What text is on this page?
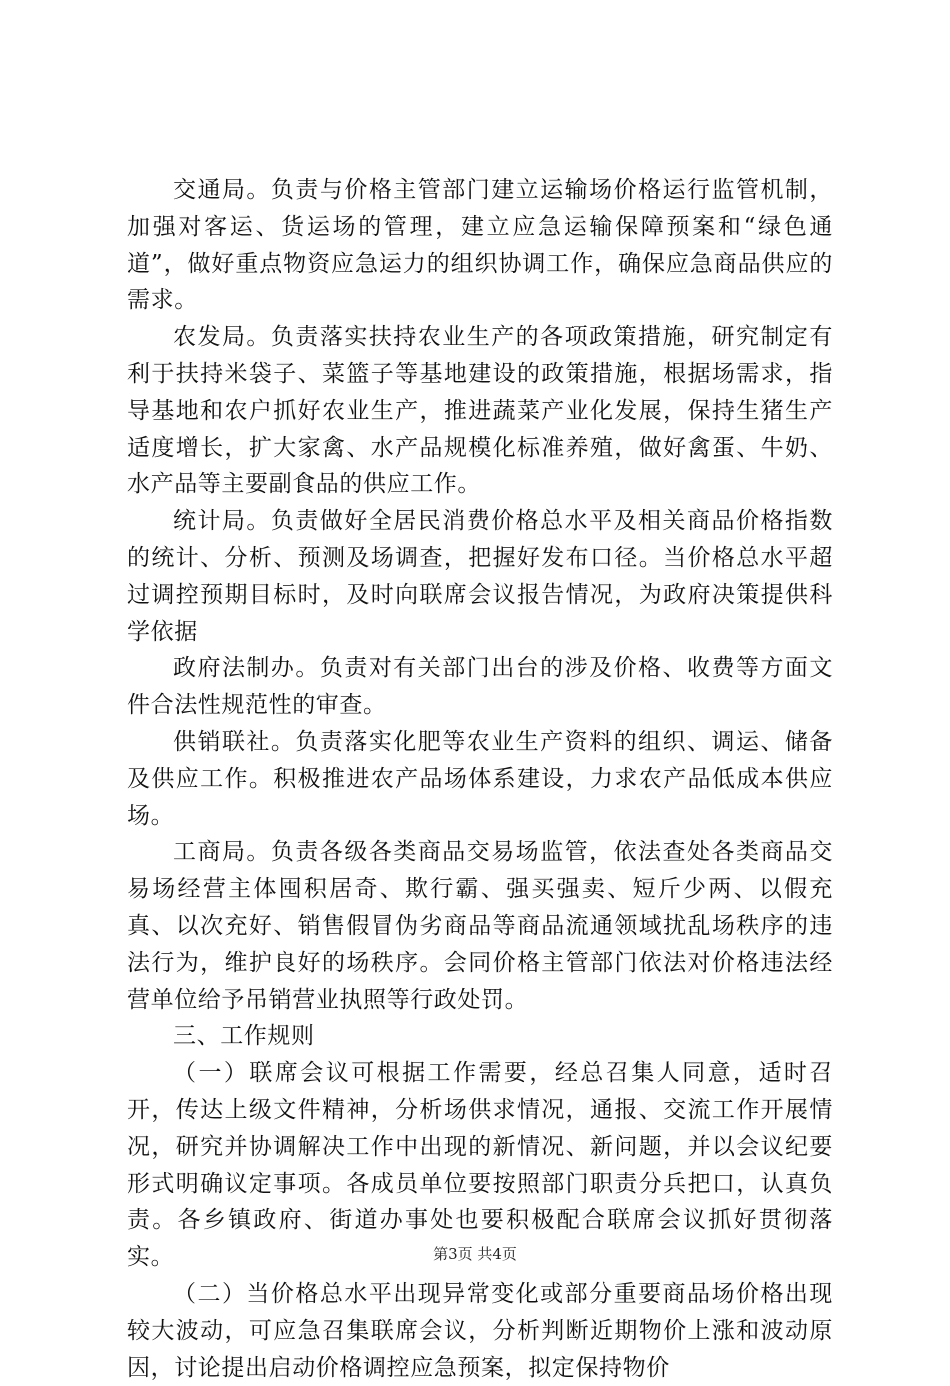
交通局。负责与价格主管部门建立运输场价格运行监管机制，加强对客运、货运场的管理，建立应急运输保障预案和“绿色通道”，做好重点物资应急运力的组织协调工作，确保应急商品供应的需求。

农发局。负责落实扶持农业生产的各项政策措施，研究制定有利于扶持米袋子、菜篮子等基地建设的政策措施，根据场需求，指导基地和农户抓好农业生产，推进蔬菜产业化发展，保持生猪生产适度增长，扩大家禽、水产品规模化标准养殖，做好禽蛋、牛奶、水产品等主要副食品的供应工作。

统计局。负责做好全居民消费价格总水平及相关商品价格指数的统计、分析、预测及场调查，把握好发布口径。当价格总水平超过调控预期目标时，及时向联席会议报告情况，为政府决策提供科学依据

政府法制办。负责对有关部门出台的涉及价格、收费等方面文件合法性规范性的审查。

供销联社。负责落实化肥等农业生产资料的组织、调运、储备及供应工作。积极推进农产品场体系建设，力求农产品低成本供应场。

工商局。负责各级各类商品交易场监管，依法查处各类商品交易场经营主体囤积居奇、欺行霸、强买强卖、短斤少两、以假充真、以次充好、销售假冒伪劣商品等商品流通领域扰乱场秩序的违法行为，维护良好的场秩序。会同价格主管部门依法对价格违法经营单位给予吊销营业执照等行政处罚。

三、工作规则

（一）联席会议可根据工作需要，经总召集人同意，适时召开，传达上级文件精神，分析场供求情况，通报、交流工作开展情况，研究并协调解决工作中出现的新情况、新问题，并以会议纪要形式明确议定事项。各成员单位要按照部门职责分兵把口，认真负责。各乡镇政府、街道办事处也要积极配合联席会议抓好贯彻落实。

（二）当价格总水平出现异常变化或部分重要商品场价格出现较大波动，可应急召集联席会议，分析判断近期物价上涨和波动原因，讨论提出启动价格调控应急预案，拟定保持物价

第3页 共4页
